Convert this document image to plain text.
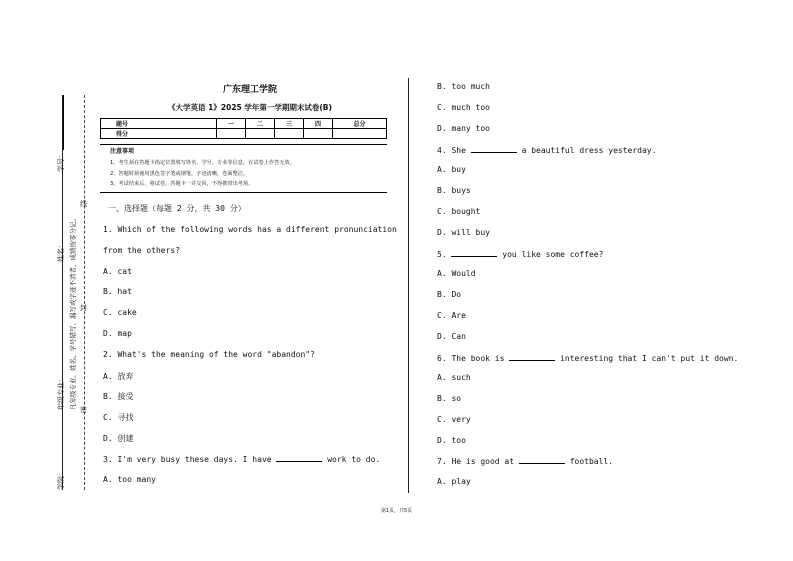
学号：
姓名：
年级专业：
学院：
凡年级专业、姓名、学号错写、漏写或字迹不清者，成绩按零分记。 密
封
线
广东理工学院
《大学英语 1》2025 学年第一学期期末试卷(B)
题号	一	二	三	四	总分
得分					
注意事项
1、考生须在答题卡指定位置填写姓名、学号、专业等信息，在试卷上作答无效。
2、答题时须使用黑色签字笔或钢笔，字迹清晰，卷面整洁。
3、考试结束后，将试卷、答题卡一并交回，不得携带出考场。
一、选择题（每题 2 分，共 30 分）
1. Which of the following words has a different pronunciation
from the others?
A. cat
B. hat
C. cake
D. map
2. What's the meaning of the word "abandon"?
A. 放弃
B. 接受
C. 寻找
D. 创建
3. I'm very busy these days. I have	work to do.
A. too many
B. too much
C. much too
D. many too
4. She	a beautiful dress yesterday.
A. buy
B. buys
C. bought
D. will buy
5.	you like some coffee?
A. Would
B. Do
C. Are
D. Can
6. The book is	interesting that I can't put it down.
A. such
B. so
C. very
D. too
7. He is good at	football.
A. play
第1页，共5页
